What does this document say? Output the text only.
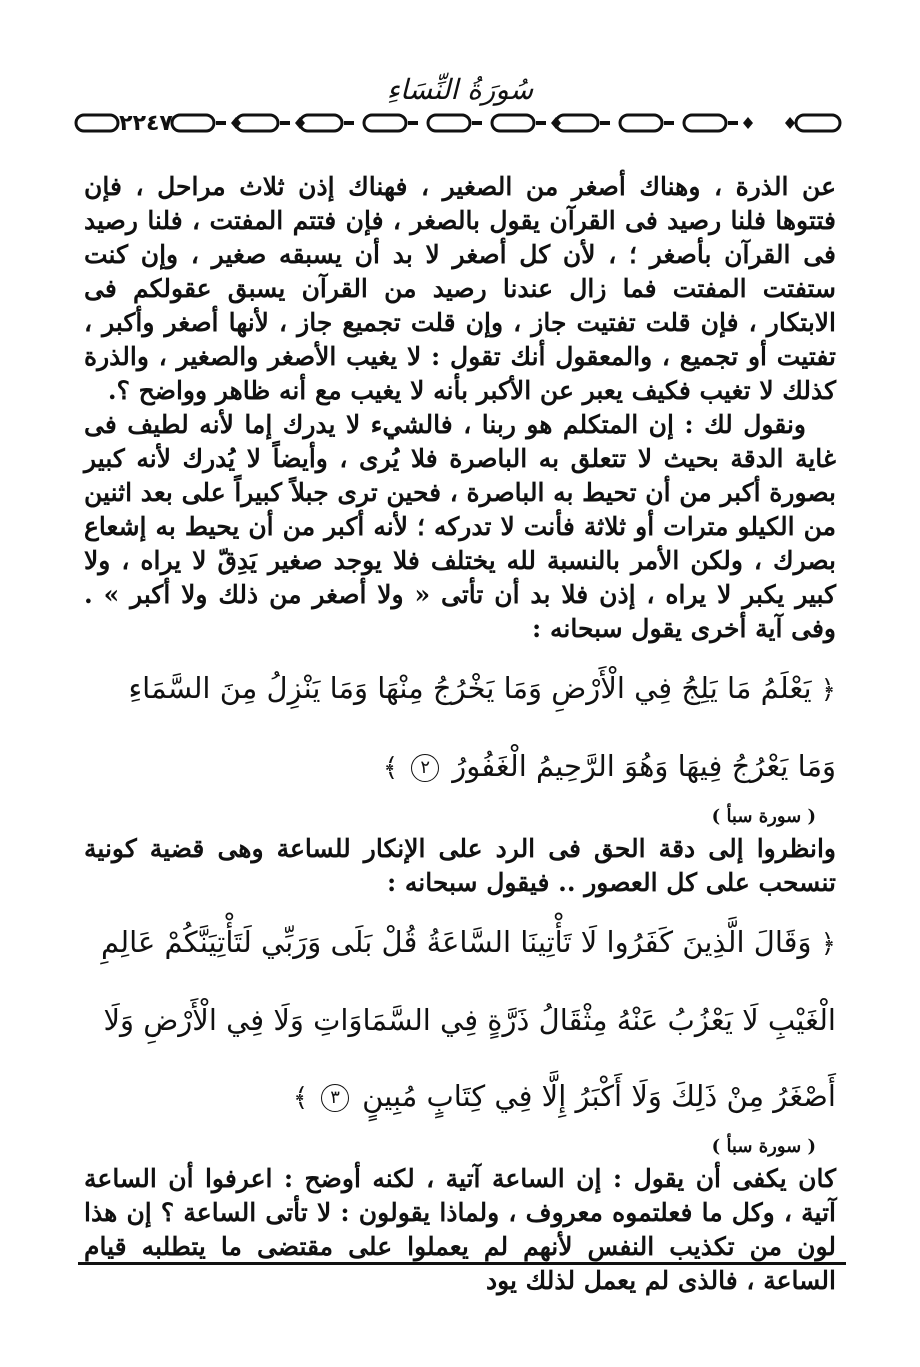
سُورَةُ النِّسَاءِ
٢٢٤٧

عن الذرة ، وهناك أصغر من الصغير ، فهناك إذن ثلاث مراحل ، فإن فتتوها فلنا رصيد فى القرآن يقول بالصغر ، فإن فتتم المفتت ، فلنا رصيد فى القرآن بأصغر ؛ ، لأن كل أصغر لا بد أن يسبقه صغير ، وإن كنت ستفتت المفتت فما زال عندنا رصيد من القرآن يسبق عقولكم فى الابتكار ، فإن قلت تفتيت جاز ، وإن قلت تجميع جاز ، لأنها أصغر وأكبر ، تفتيت أو تجميع ، والمعقول أنك تقول : لا يغيب الأصغر والصغير ، والذرة كذلك لا تغيب فكيف يعبر عن الأكبر بأنه لا يغيب مع أنه ظاهر وواضح ؟.

ونقول لك : إن المتكلم هو ربنا ، فالشيء لا يدرك إما لأنه لطيف فى غاية الدقة بحيث لا تتعلق به الباصرة فلا يُرى ، وأيضاً لا يُدرك لأنه كبير بصورة أكبر من أن تحيط به الباصرة ، فحين ترى جبلاً كبيراً على بعد اثنين من الكيلو مترات أو ثلاثة فأنت لا تدركه ؛ لأنه أكبر من أن يحيط به إشعاع بصرك ، ولكن الأمر بالنسبة لله يختلف فلا يوجد صغير يَدِقّ لا يراه ، ولا كبير يكبر لا يراه ، إذن فلا بد أن تأتى « ولا أصغر من ذلك ولا أكبر » . وفى آية أخرى يقول سبحانه :

﴿ يَعْلَمُ مَا يَلِجُ فِي الْأَرْضِ وَمَا يَخْرُجُ مِنْهَا وَمَا يَنْزِلُ مِنَ السَّمَاءِ وَمَا يَعْرُجُ فِيهَا وَهُوَ الرَّحِيمُ الْغَفُورُ ٢ ﴾
( سورة سبأ )

وانظروا إلى دقة الحق فى الرد على الإنكار للساعة وهى قضية كونية تنسحب على كل العصور .. فيقول سبحانه :

﴿ وَقَالَ الَّذِينَ كَفَرُوا لَا تَأْتِينَا السَّاعَةُ قُلْ بَلَى وَرَبِّي لَتَأْتِيَنَّكُمْ عَالِمِ الْغَيْبِ لَا يَعْزُبُ عَنْهُ مِثْقَالُ ذَرَّةٍ فِي السَّمَاوَاتِ وَلَا فِي الْأَرْضِ وَلَا أَصْغَرُ مِنْ ذَلِكَ وَلَا أَكْبَرُ إِلَّا فِي كِتَابٍ مُبِينٍ ٣ ﴾
( سورة سبأ )

كان يكفى أن يقول : إن الساعة آتية ، لكنه أوضح : اعرفوا أن الساعة آتية ، وكل ما فعلتموه معروف ، ولماذا يقولون : لا تأتى الساعة ؟ إن هذا لون من تكذيب النفس لأنهم لم يعملوا على مقتضى ما يتطلبه قيام الساعة ، فالذى لم يعمل لذلك يود
